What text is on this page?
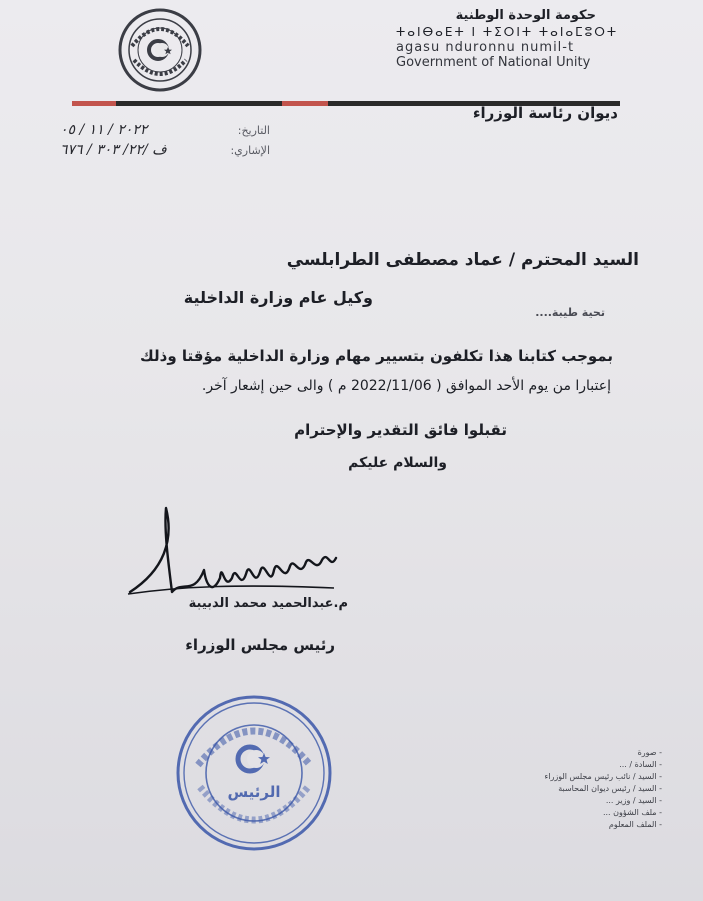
حكومة الوحدة الوطنية
ⵜⴰⵏⴱⴰⴹⵜ ⵏ ⵜⵉⵔⵏⵜ ⵜⴰⵏⴰⵎⵓⵔⵜ
agasu nduronnu numil-t
Government of National Unity
ديوان رئاسة الوزراء
التاريخ:
٢٠٢٢ / ١١ / ٠٥
الإشاري:
ف /٢٢/ ٣٠٣ / ٦٧٦
السيد المحترم / عماد مصطفى الطرابلسي
وكيل عام وزارة الداخلية
تحية طيبة....
بموجب كتابنا هذا تكلفون بتسيير مهام وزارة الداخلية مؤقتا وذلك
إعتبارا من يوم الأحد الموافق ( 2022/11/06 م ) والى حين إشعار آخر.
تقبلوا فائق التقدير والإحترام
والسلام عليكم
م.عبدالحميد محمد الدبيبة
رئيس مجلس الوزراء
الرئيس
- صورة
- السادة / ...
- السيد / نائب رئيس مجلس الوزراء
- السيد / رئيس ديوان المحاسبة
- السيد / وزير ...
- ملف الشؤون ...
- الملف المعلوم
